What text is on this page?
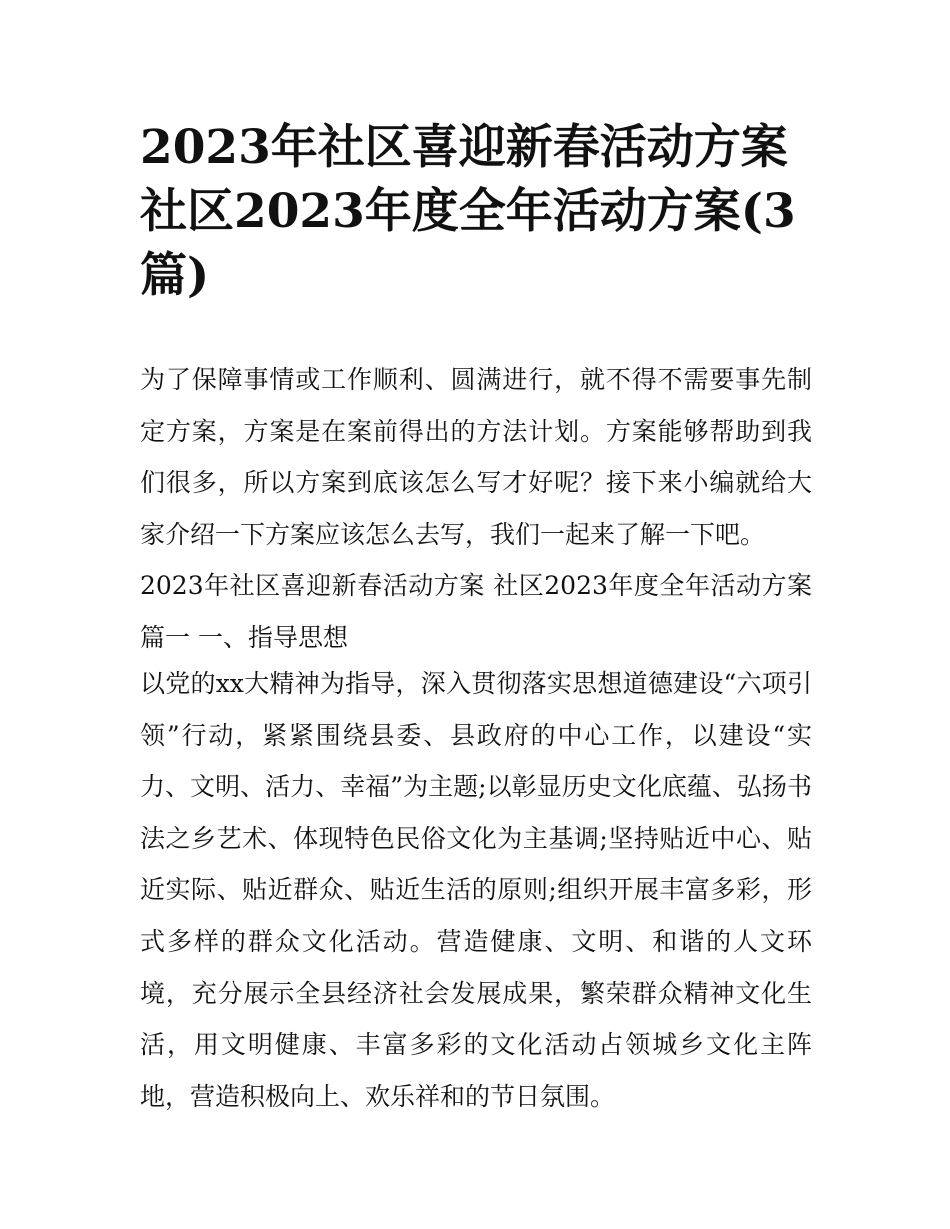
2023年社区喜迎新春活动方案 社区2023年度全年活动方案(3篇)

为了保障事情或工作顺利、圆满进行，就不得不需要事先制定方案，方案是在案前得出的方法计划。方案能够帮助到我们很多，所以方案到底该怎么写才好呢？接下来小编就给大家介绍一下方案应该怎么去写，我们一起来了解一下吧。

2023年社区喜迎新春活动方案 社区2023年度全年活动方案篇一 一、指导思想

以党的xx大精神为指导，深入贯彻落实思想道德建设“六项引领”行动，紧紧围绕县委、县政府的中心工作，以建设“实力、文明、活力、幸福”为主题;以彰显历史文化底蕴、弘扬书法之乡艺术、体现特色民俗文化为主基调;坚持贴近中心、贴近实际、贴近群众、贴近生活的原则;组织开展丰富多彩，形式多样的群众文化活动。营造健康、文明、和谐的人文环境，充分展示全县经济社会发展成果，繁荣群众精神文化生活，用文明健康、丰富多彩的文化活动占领城乡文化主阵地，营造积极向上、欢乐祥和的节日氛围。
